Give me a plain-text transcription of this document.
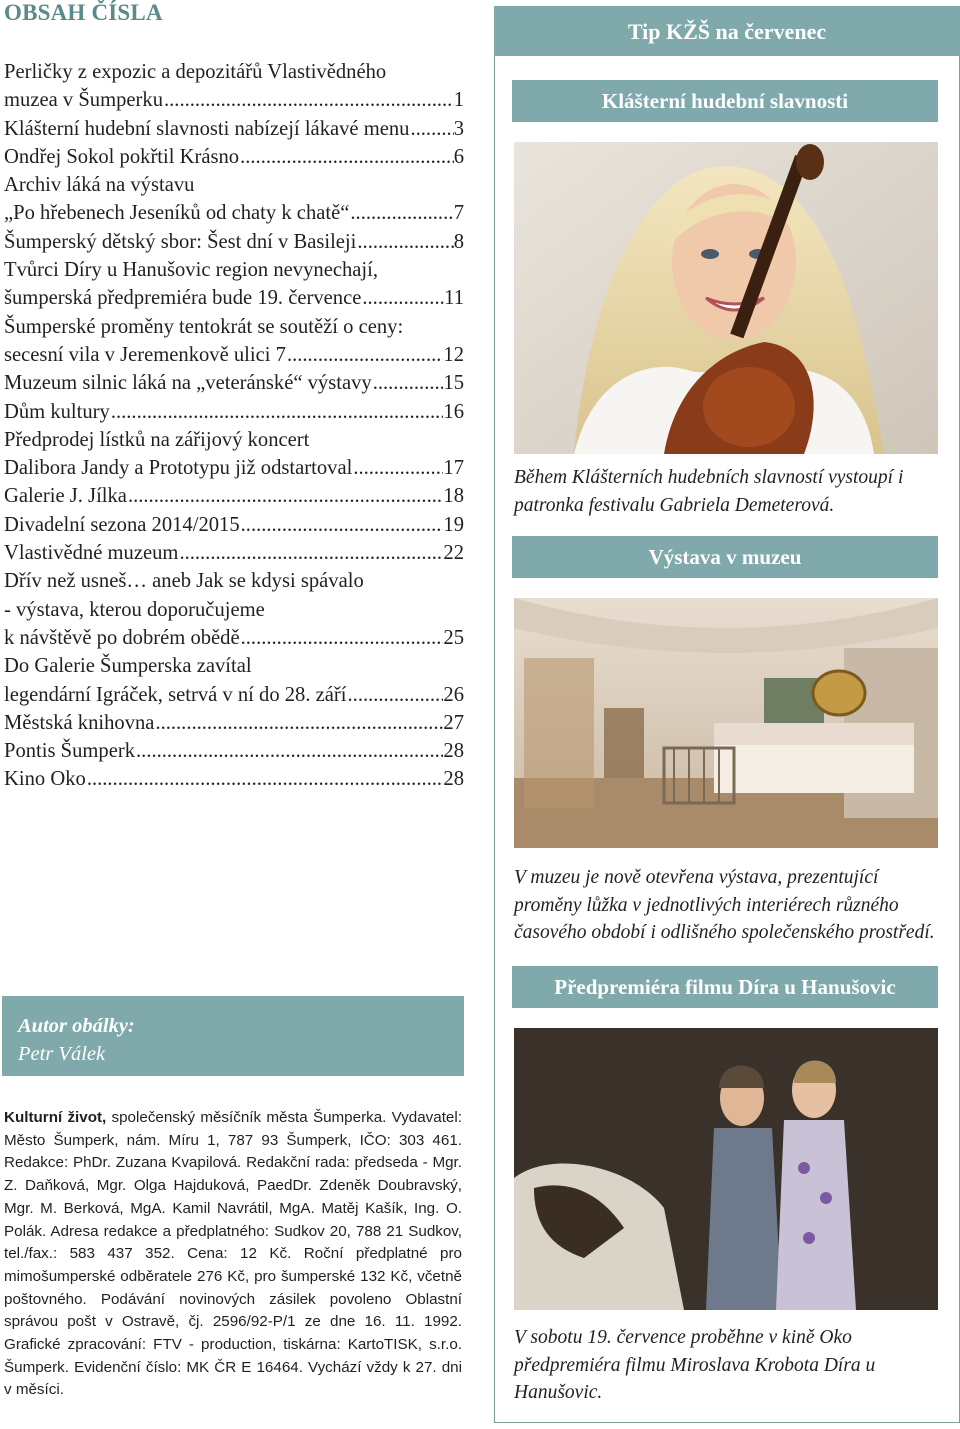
OBSAH ČÍSLA
Perličky z expozic a depozitářů Vlastivědného
muzea v Šumperku .....	1
Klášterní hudební slavnosti nabízejí lákavé menu ..... 3
Ondřej Sokol pokřtil Krásno .....	6
Archiv láká na výstavu
„Po hřebenech Jeseníků od chaty k chatě“ .....	7
Šumperský dětský sbor: Šest dní v Basileji .....	8
Tvůrci Díry u Hanušovic region nevynechají,
šumperská předpremiéra bude 19. července .....	11
Šumperské proměny tentokrát se soutěží o ceny:
secesní vila v Jeremenkově ulici 7 .....	12
Muzeum silnic láká na „veteránské“ výstavy .....	15
Dům kultury .....	16
Předprodej lístků na zářijový koncert
Dalibora Jandy a Prototypu již odstartoval .....	17
Galerie J. Jílka .....	18
Divadelní sezona 2014/2015 .....	19
Vlastivědné muzeum .....	22
Dřív než usneš… aneb Jak se kdysi spávalo
- výstava, kterou doporučujeme
k návštěvě po dobrém obědě .....	25
Do Galerie Šumperska zavítal
legendární Igráček, setrvá v ní do 28. září .....	26
Městská knihovna .....	27
Pontis Šumperk .....	28
Kino Oko .....	28
Autor obálky:
Petr Válek
Kulturní život, společenský měsíčník města Šumperka. Vydavatel: Město Šumperk, nám. Míru 1, 787 93 Šumperk, IČO: 303 461. Redakce: PhDr. Zuzana Kvapilová. Redakční rada: předseda - Mgr. Z. Daňková, Mgr. Olga Hajduková, PaedDr. Zdeněk Doubravský, Mgr. M. Berková, MgA. Kamil Navrátil, MgA. Matěj Kašík, Ing. O. Polák. Adresa redakce a předplatného: Sudkov 20, 788 21 Sudkov, tel./fax.: 583 437 352. Cena: 12 Kč. Roční předplatné pro mimošumperské odběratele 276 Kč, pro šumperské 132 Kč, včetně poštovného. Podávání novinových zásilek povoleno Oblastní správou pošt v Ostravě, čj. 2596/92-P/1 ze dne 16. 11. 1992. Grafické zpracování: FTV - production, tiskárna: KartoTISK, s.r.o. Šumperk. Evidenční číslo: MK ČR E 16464. Vychází vždy k 27. dni v měsíci.
Tip KŽŠ na červenec
Klášterní hudební slavnosti
Během Klášterních hudebních slavností vystoupí i patronka festivalu Gabriela Demeterová.
Výstava v muzeu
V muzeu je nově otevřena výstava, prezentující proměny lůžka v jednotlivých interiérech různého časového období i odlišného společenského prostředí.
Předpremiéra filmu Díra u Hanušovic
V sobotu 19. července proběhne v kině Oko předpremiéra filmu Miroslava Krobota Díra u Hanušovic.
